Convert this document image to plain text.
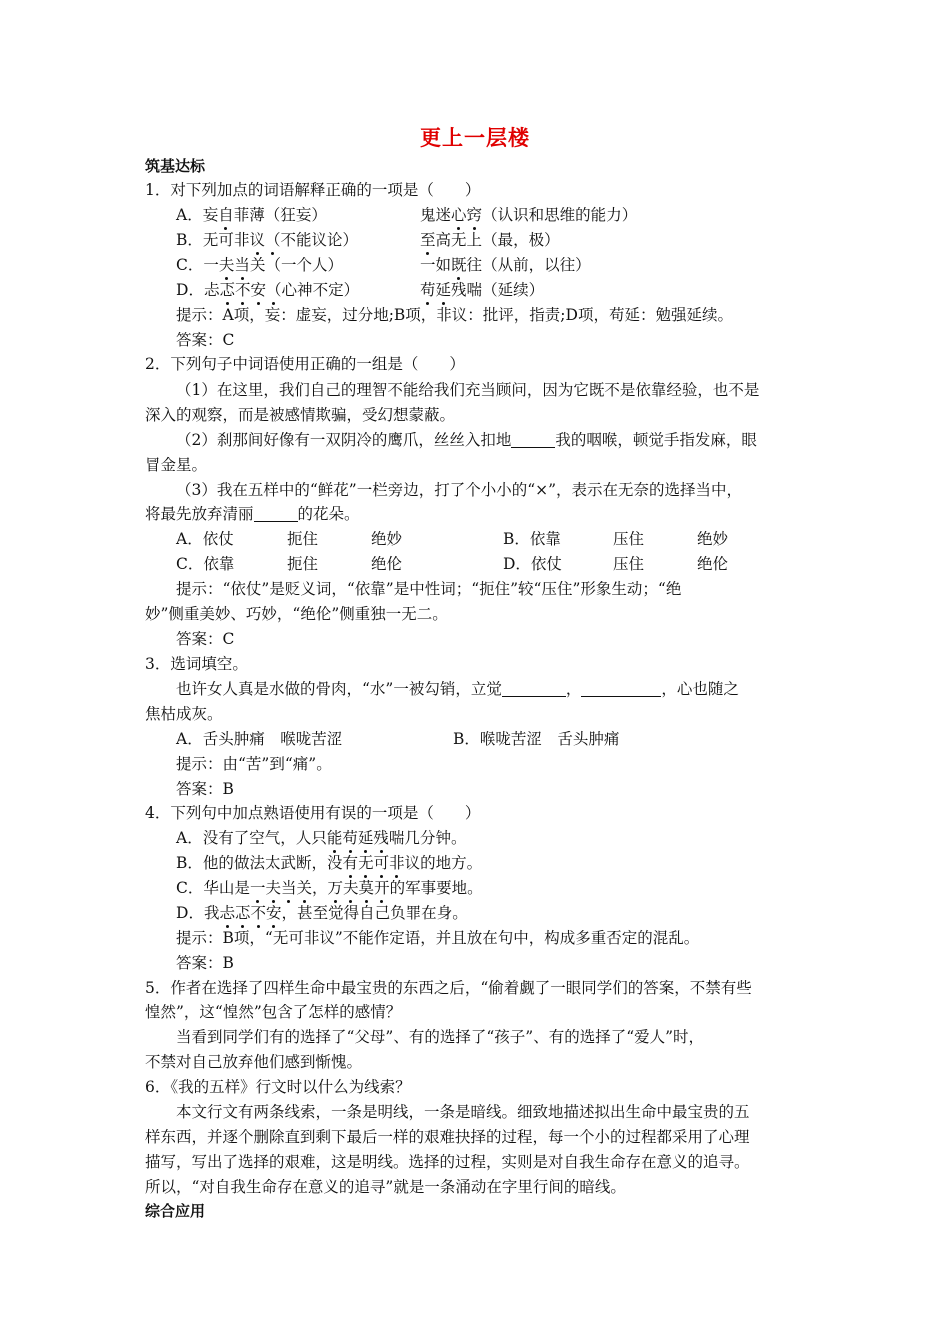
更上一层楼
筑基达标
1．对下列加点的词语解释正确的一项是（　　）
A．妄自菲薄（狂妄）	鬼迷心窍（认识和思维的能力）
B．无可非议（不能议论）	至高无上（最，极）
C．一夫当关（一个人）	一如既往（从前，以往）
D．忐忑不安（心神不定）	苟延残喘（延续）
提示：A项，妄：虚妄，过分地;B项，非议：批评，指责;D项，苟延：勉强延续。
答案：C
2．下列句子中词语使用正确的一组是（　　）
（1）在这里，我们自己的理智不能给我们充当顾问，因为它既不是依靠经验，也不是
深入的观察，而是被感情欺骗，受幻想蒙蔽。
（2）刹那间好像有一双阴冷的鹰爪，丝丝入扣地	我的咽喉，顿觉手指发麻，眼
冒金星。
（3）我在五样中的“鲜花”一栏旁边，打了个小小的“×”，表示在无奈的选择当中，
将最先放弃清丽	的花朵。
A．依仗	扼住	绝妙	B．依靠	压住	绝妙
C．依靠	扼住	绝伦	D．依仗	压住	绝伦
提示：“依仗”是贬义词，“依靠”是中性词；“扼住”较“压住”形象生动；“绝
妙”侧重美妙、巧妙，“绝伦”侧重独一无二。
答案：C
3．选词填空。
也许女人真是水做的骨肉，“水”一被勾销，立觉	，	，心也随之
焦枯成灰。
A．舌头肿痛　喉咙苦涩	B．喉咙苦涩　舌头肿痛
提示：由“苦”到“痛”。
答案：B
4．下列句中加点熟语使用有误的一项是（　　）
A．没有了空气，人只能苟延残喘几分钟。
B．他的做法太武断，没有无可非议的地方。
C．华山是一夫当关，万夫莫开的军事要地。
D．我忐忑不安，甚至觉得自己负罪在身。
提示：B项，“无可非议”不能作定语，并且放在句中，构成多重否定的混乱。
答案：B
5．作者在选择了四样生命中最宝贵的东西之后，“偷着觑了一眼同学们的答案，不禁有些
惶然”，这“惶然”包含了怎样的感情？
当看到同学们有的选择了“父母”、有的选择了“孩子”、有的选择了“爱人”时，
不禁对自己放弃他们感到惭愧。
6．《我的五样》行文时以什么为线索？
本文行文有两条线索，一条是明线，一条是暗线。细致地描述拟出生命中最宝贵的五
样东西，并逐个删除直到剩下最后一样的艰难抉择的过程，每一个小的过程都采用了心理
描写，写出了选择的艰难，这是明线。选择的过程，实则是对自我生命存在意义的追寻。
所以，“对自我生命存在意义的追寻”就是一条涌动在字里行间的暗线。
综合应用
